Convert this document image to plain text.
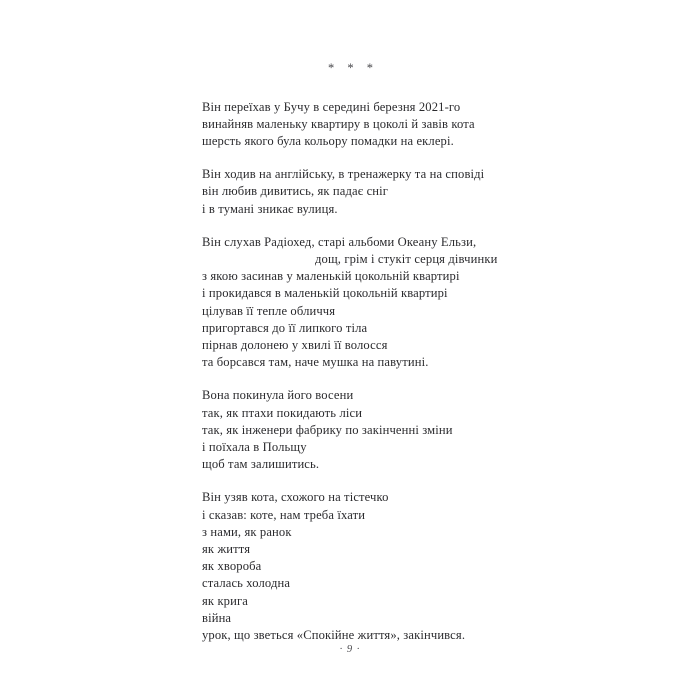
* * *
Він переїхав у Бучу в середині березня 2021-го
винайняв маленьку квартиру в цоколі й завів кота
шерсть якого була кольору помадки на еклері.
Він ходив на англійську, в тренажерку та на сповіді
він любив дивитись, як падає сніг
і в тумані зникає вулиця.
Він слухав Радіохед, старі альбоми Океану Ельзи,
дощ, грім і стукіт серця дівчинки
з якою засинав у маленькій цокольній квартирі
і прокидався в маленькій цокольній квартирі
цілував її тепле обличчя
пригортався до її липкого тіла
пірнав долонею у хвилі її волосся
та борсався там, наче мушка на павутині.
Вона покинула його восени
так, як птахи покидають ліси
так, як інженери фабрику по закінченні зміни
і поїхала в Польщу
щоб там залишитись.
Він узяв кота, схожого на тістечко
і сказав: коте, нам треба їхати
з нами, як ранок
як життя
як хвороба
сталась холодна
як крига
війна
урок, що зветься «Спокійне життя», закінчився.
· 9 ·
